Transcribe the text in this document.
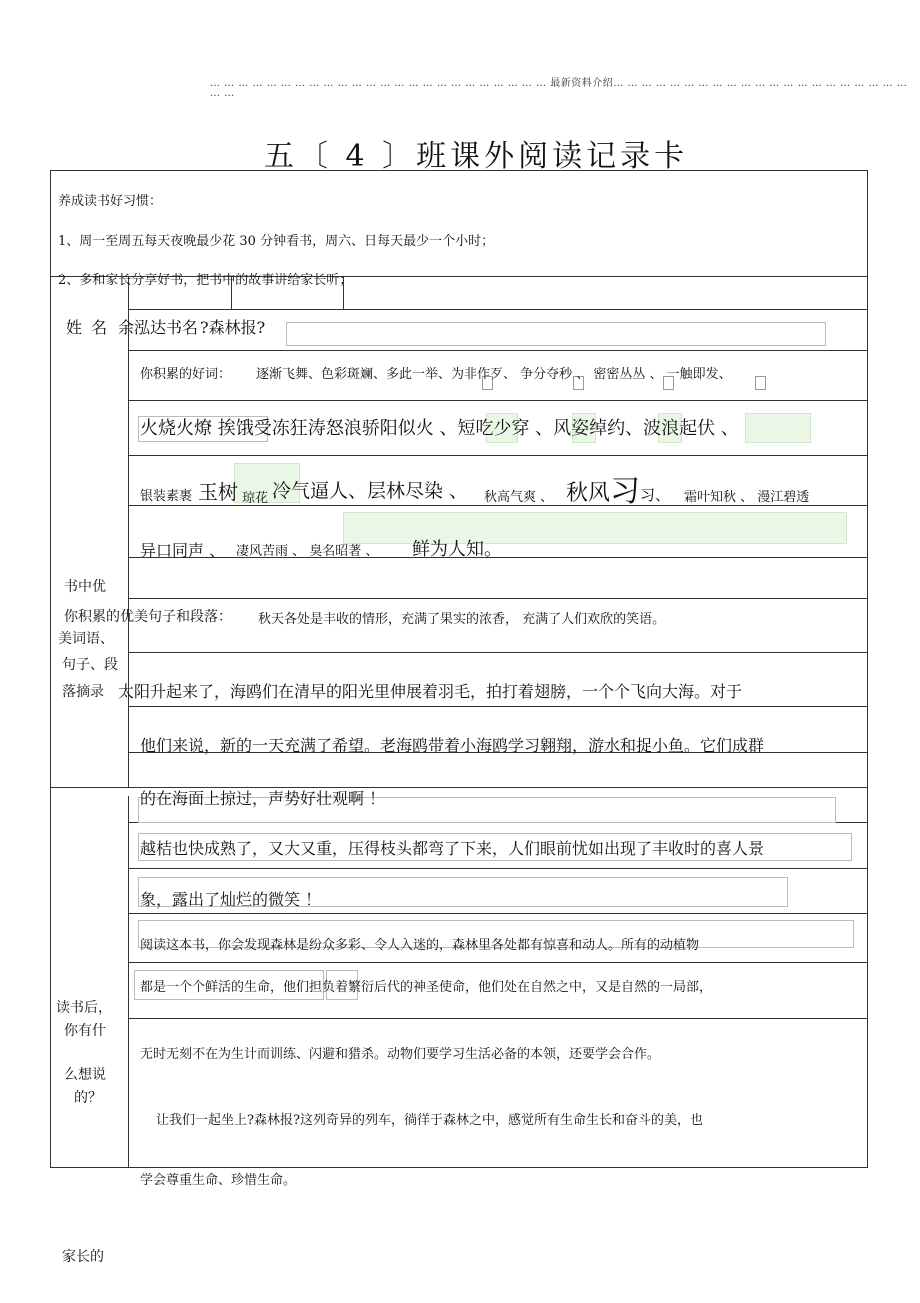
… … … … … … … … … … … … … … … … … … … … … … … … 最新资料介绍… … … … … … … … … … … … … … … … … … … … …
… …
五〔 4 〕班课外阅读记录卡
养成读书好习惯：
1、周一至周五每天夜晚最少花 30 分钟看书，周六、日每天最少一个小时；
2、多和家长分享好书，把书中的故事讲给家长听；
姓 名 余泓达 书名 ?森林报?
你积累的好词： 逐渐飞舞、色彩斑斓、多此一举、为非作歹、 争分夺秒 、 密密丛丛 、 一触即发、
火烧火燎 挨饿受冻狂涛怒浪骄阳似火 、短吃少穿 、风姿绰约、波浪起伏 、
银装素裹 玉树 琼花 冷气逼人、层林尽染 、 秋高气爽 、 秋风 习 习、 霜叶知秋 、 漫江碧透
异口同声 、 凄风苦雨 、 臭名昭著 、 鲜为人知。
书中优
美词语、
句子、段
你积累的优美句子和段落： 秋天各处是丰收的情形，充满了果实的浓香， 充满了人们欢欣的笑语。
落摘录 太阳升起来了，海鸥们在清早的阳光里伸展着羽毛，拍打着翅膀，一个个飞向大海。对于
他们来说，新的一天充满了希望。老海鸥带着小海鸥学习翱翔，游水和捉小鱼。它们成群
的在海面上掠过，声势好壮观啊 ！
越桔也快成熟了，又大又重，压得枝头都弯了下来，人们眼前忧如出现了丰收时的喜人景
象，露出了灿烂的微笑 ！
读书后，
你有什
么想说
的？
阅读这本书，你会发现森林是纷众多彩、令人入迷的，森林里各处都有惊喜和动人。所有的动植物
都是一个个鲜活的生命，他们担负着繁衍后代的神圣使命，他们处在自然之中，又是自然的一局部，
无时无刻不在为生计而训练、闪避和猎杀。动物们要学习生活必备的本领，还要学会合作。
让我们一起坐上?森林报?这列奇异的列车，徜徉于森林之中，感觉所有生命生长和奋斗的美，也
学会尊重生命、珍惜生命。
家长的
